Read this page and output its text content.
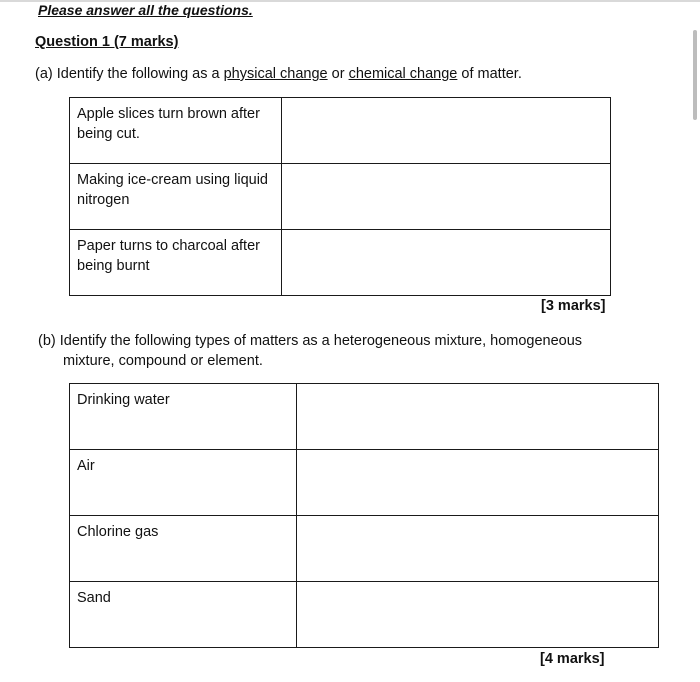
Please answer all the questions.
Question 1 (7 marks)
(a) Identify the following as a physical change or chemical change of matter.
Apple slices turn brown after being cut.	
Making ice-cream using liquid nitrogen	
Paper turns to charcoal after being burnt	
[3 marks]
(b) Identify the following types of matters as a heterogeneous mixture, homogeneous
mixture, compound or element.
Drinking water	
Air	
Chlorine gas	
Sand	
[4 marks]
